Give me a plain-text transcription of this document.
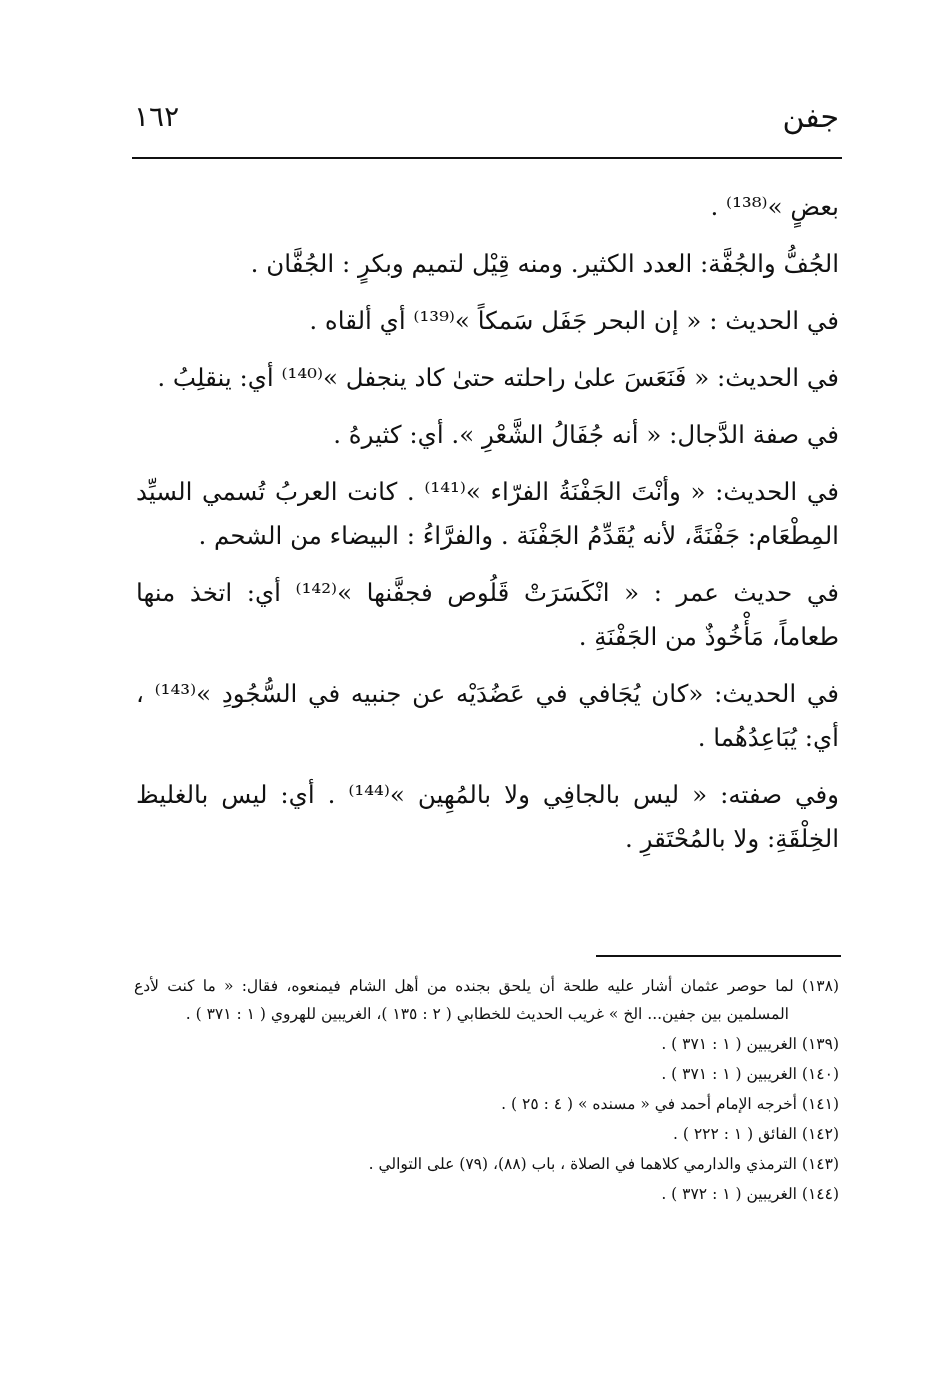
جفن
١٦٢

بعضٍ »⁽¹³⁸⁾ .

الجُفُّ والجُفَّة: العدد الكثير. ومنه قِيْل لتميم وبكرٍ : الجُفَّان .

في الحديث : « إن البحر جَفَل سَمكاً »⁽¹³⁹⁾ أي ألقاه .

في الحديث: « فَنَعَسَ علىٰ راحلته حتىٰ كاد ينجفل »⁽¹⁴⁰⁾ أي: ينقلِبُ .

في صفة الدَّجال: « أنه جُفَالُ الشَّعْرِ ». أي: كثيرهُ .

في الحديث: « وأنْتَ الجَفْنَةُ الفرّاء »⁽¹⁴¹⁾ . كانت العربُ تُسمي السيِّد المِطْعَام: جَفْنَةً، لأنه يُقَدِّمُ الجَفْنَة . والفرَّاءُ : البيضاء من الشحم .

في حديث عمر : « انْكَسَرَتْ قَلُوص فجفَّنها »⁽¹⁴²⁾ أي: اتخذ منها طعاماً، مَأْخُوذٌ من الجَفْنَةِ .

في الحديث: «كان يُجَافي في عَضُدَيْه عن جنبيه في السُّجُودِ »⁽¹⁴³⁾ ، أي: يُبَاعِدُهُما .

وفي صفته: « ليس بالجافِي ولا بالمُهِين »⁽¹⁴⁴⁾ . أي: ليس بالغليظ الخِلْقَةِ: ولا بالمُحْتَقرِ .

(١٣٨) لما حوصر عثمان أشار عليه طلحة أن يلحق بجنده من أهل الشام فيمنعوه، فقال: « ما كنت لأدع المسلمين بين جفين... الخ » غريب الحديث للخطابي ( ٢ : ١٣٥ )، الغريبين للهروي ( ١ : ٣٧١ ) .

(١٣٩) الغريبين ( ١ : ٣٧١ ) .

(١٤٠) الغريبين ( ١ : ٣٧١ ) .

(١٤١) أخرجه الإمام أحمد في « مسنده » ( ٤ : ٢٥ ) .

(١٤٢) الفائق ( ١ : ٢٢٢ ) .

(١٤٣) الترمذي والدارمي كلاهما في الصلاة ، باب (٨٨)، (٧٩) على التوالي .

(١٤٤) الغريبين ( ١ : ٣٧٢ ) .
